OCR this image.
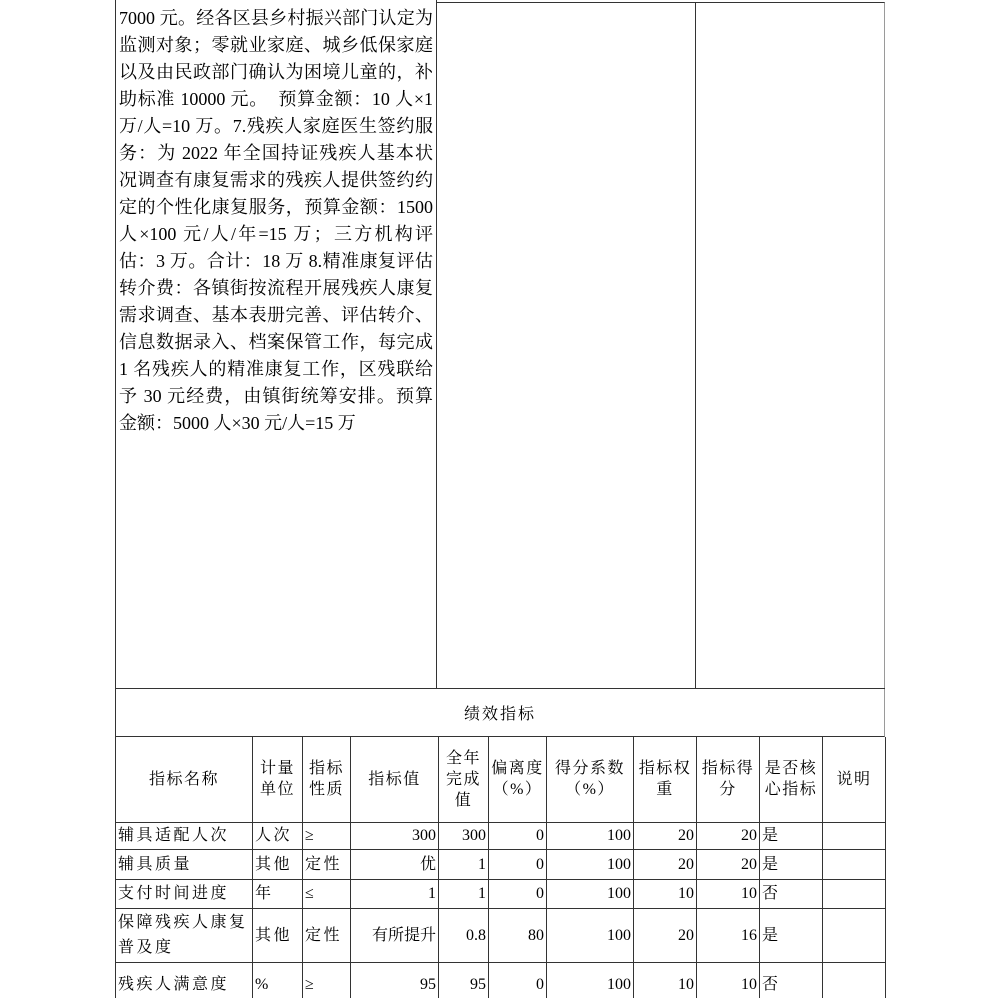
7000 元。经各区县乡村振兴部门认定为监测对象；零就业家庭、城乡低保家庭以及由民政部门确认为困境儿童的，补助标准 10000 元。  预算金额：10 人×1 万/人=10 万。7.残疾人家庭医生签约服务：为 2022 年全国持证残疾人基本状况调查有康复需求的残疾人提供签约约定的个性化康复服务，预算金额：1500 人×100 元/人/年=15 万；三方机构评估：3 万。合计：18 万 8.精准康复评估转介费：各镇街按流程开展残疾人康复需求调查、基本表册完善、评估转介、信息数据录入、档案保管工作，每完成 1 名残疾人的精准康复工作，区残联给予 30 元经费，由镇街统筹安排。预算金额：5000 人×30 元/人=15 万

绩效指标
指标名称	计量单位	指标性质	指标值	全年完成值	偏离度（%）	得分系数（%）	指标权重	指标得分	是否核心指标	说明
辅具适配人次	人次	≥	300	300	0	100	20	20	是	
辅具质量	其他	定性	优	1	0	100	20	20	是	
支付时间进度	年	≤	1	1	0	100	10	10	否	
保障残疾人康复普及度	其他	定性	有所提升	0.8	80	100	20	16	是	
残疾人满意度	%	≥	95	95	0	100	10	10	否	
